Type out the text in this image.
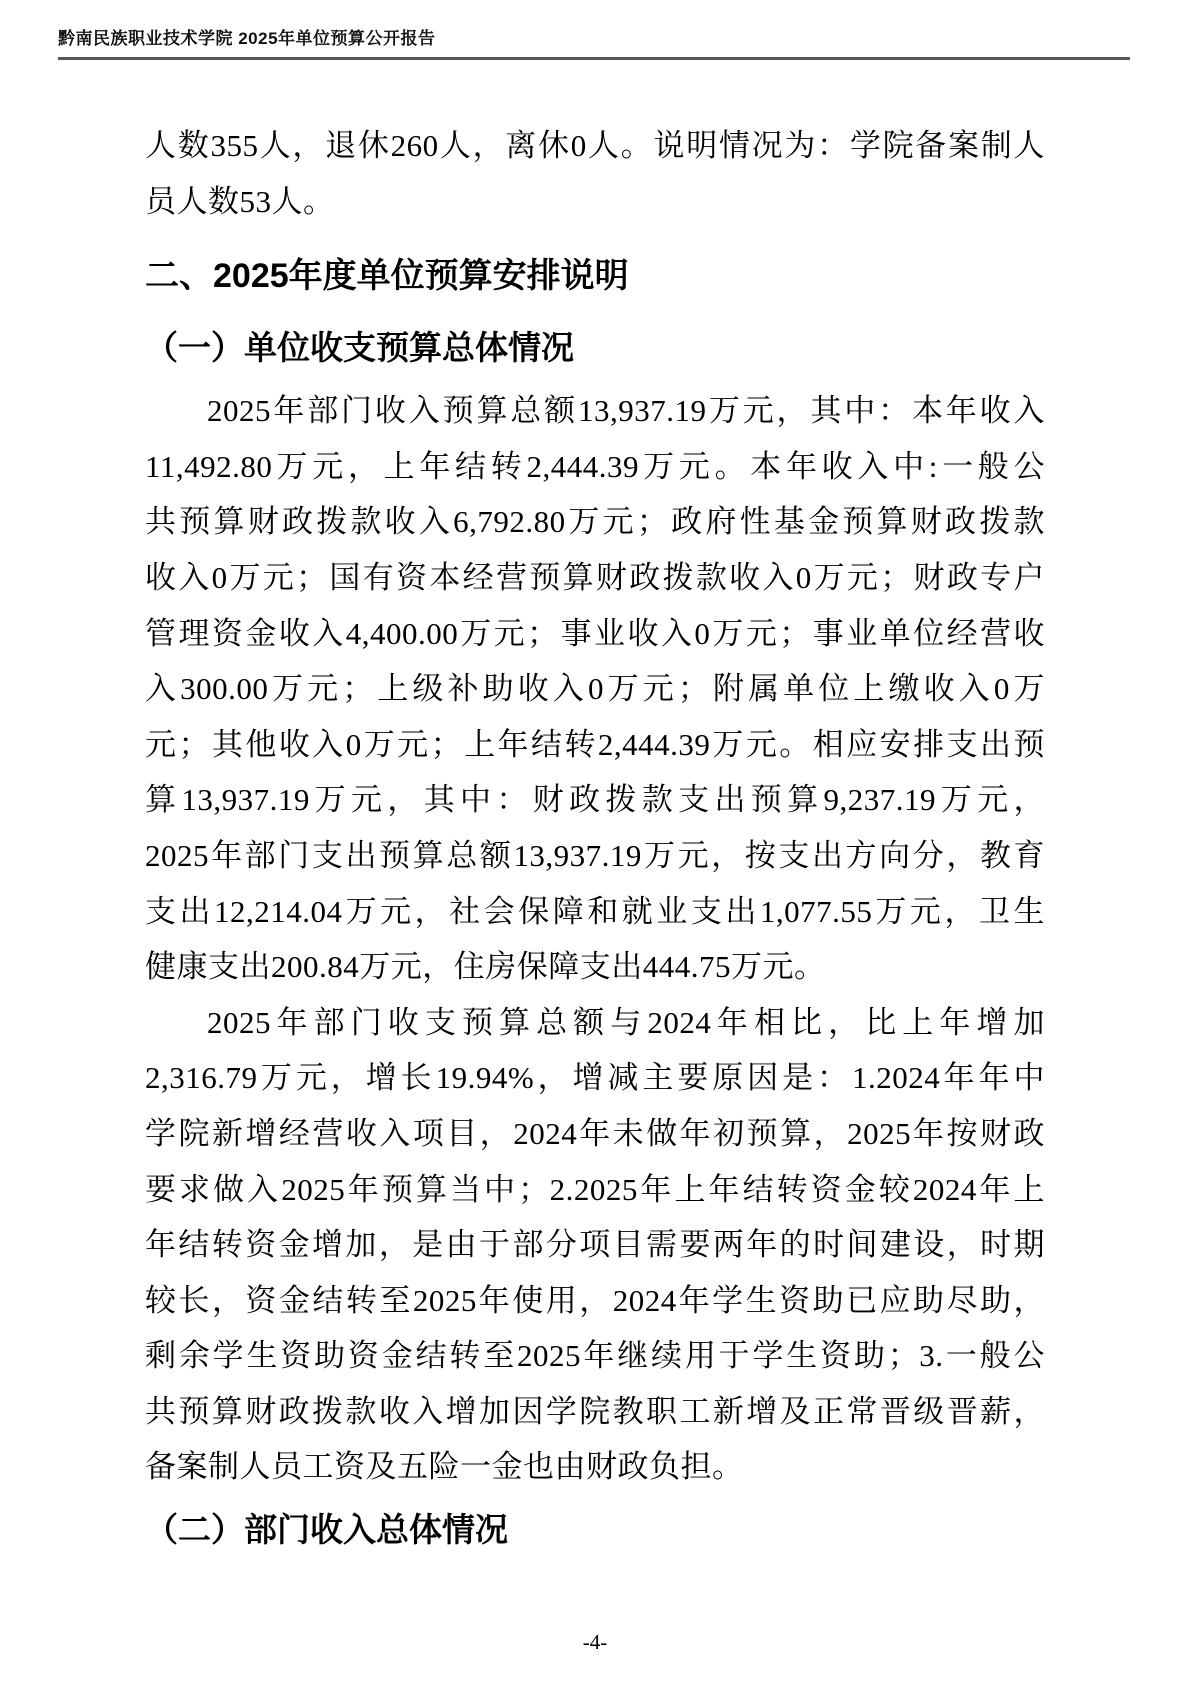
黔南民族职业技术学院 2025年单位预算公开报告
人数355人，退休260人，离休0人。说明情况为：学院备案制人
员人数53人。
二、2025年度单位预算安排说明
（一）单位收支预算总体情况
2025年部门收入预算总额13,937.19万元，其中：本年收入
11,492.80万元，上年结转2,444.39万元。本年收入中:一般公
共预算财政拨款收入6,792.80万元；政府性基金预算财政拨款
收入0万元；国有资本经营预算财政拨款收入0万元；财政专户
管理资金收入4,400.00万元；事业收入0万元；事业单位经营收
入300.00万元；上级补助收入0万元；附属单位上缴收入0万
元；其他收入0万元；上年结转2,444.39万元。相应安排支出预
算13,937.19万元，其中：财政拨款支出预算9,237.19万元，
2025年部门支出预算总额13,937.19万元，按支出方向分，教育
支出12,214.04万元，社会保障和就业支出1,077.55万元，卫生
健康支出200.84万元，住房保障支出444.75万元。
2025年部门收支预算总额与2024年相比，比上年增加
2,316.79万元，增长19.94%，增减主要原因是：1.2024年年中
学院新增经营收入项目，2024年未做年初预算，2025年按财政
要求做入2025年预算当中；2.2025年上年结转资金较2024年上
年结转资金增加，是由于部分项目需要两年的时间建设，时期
较长，资金结转至2025年使用，2024年学生资助已应助尽助，
剩余学生资助资金结转至2025年继续用于学生资助；3.一般公
共预算财政拨款收入增加因学院教职工新增及正常晋级晋薪，
备案制人员工资及五险一金也由财政负担。
（二）部门收入总体情况
-4-
